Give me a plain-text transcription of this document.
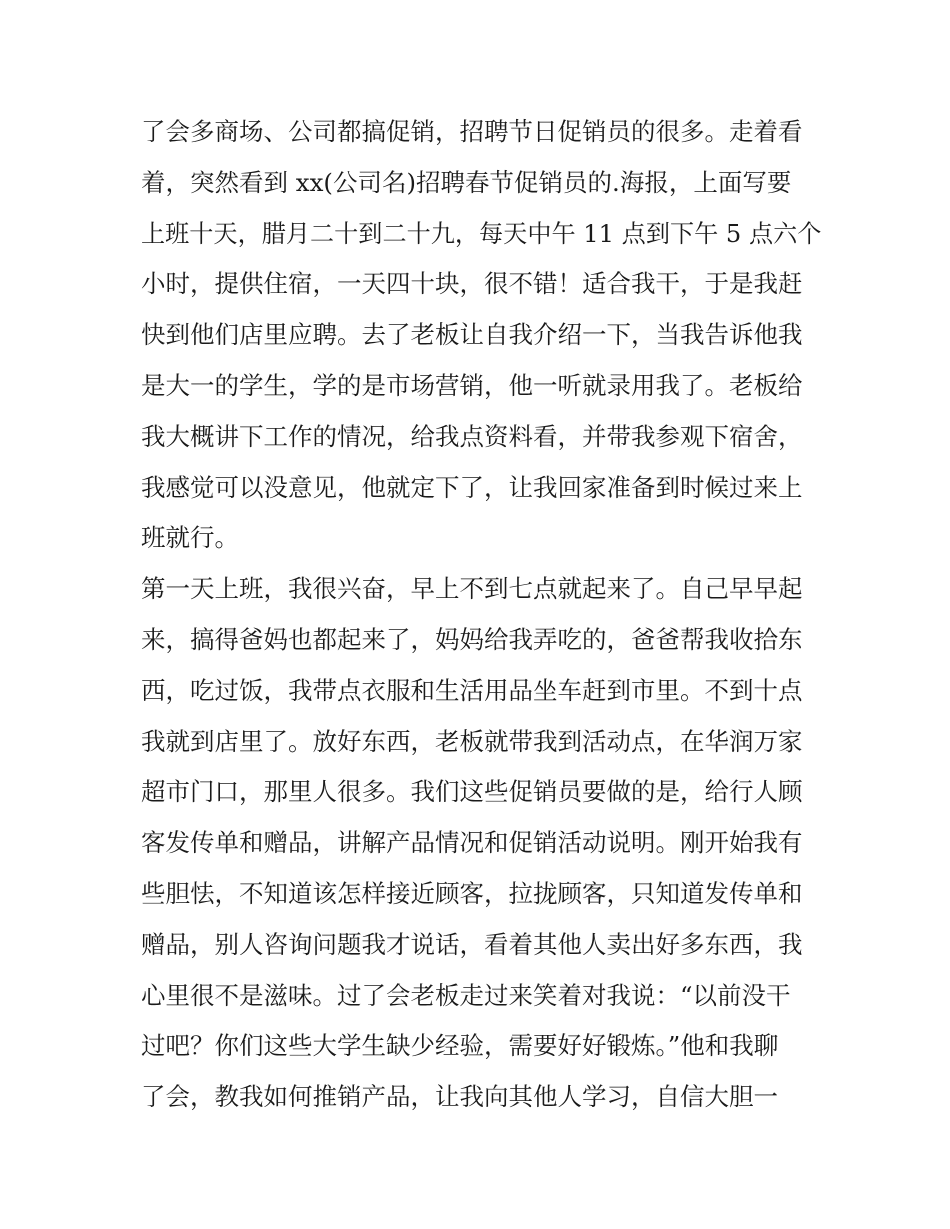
了会多商场、公司都搞促销，招聘节日促销员的很多。走着看
着，突然看到 xx(公司名)招聘春节促销员的.海报，上面写要
上班十天，腊月二十到二十九，每天中午 11 点到下午 5 点六个
小时，提供住宿，一天四十块，很不错！适合我干，于是我赶
快到他们店里应聘。去了老板让自我介绍一下，当我告诉他我
是大一的学生，学的是市场营销，他一听就录用我了。老板给
我大概讲下工作的情况，给我点资料看，并带我参观下宿舍，
我感觉可以没意见，他就定下了，让我回家准备到时候过来上
班就行。
第一天上班，我很兴奋，早上不到七点就起来了。自己早早起
来，搞得爸妈也都起来了，妈妈给我弄吃的，爸爸帮我收拾东
西，吃过饭，我带点衣服和生活用品坐车赶到市里。不到十点
我就到店里了。放好东西，老板就带我到活动点，在华润万家
超市门口，那里人很多。我们这些促销员要做的是，给行人顾
客发传单和赠品，讲解产品情况和促销活动说明。刚开始我有
些胆怯，不知道该怎样接近顾客，拉拢顾客，只知道发传单和
赠品，别人咨询问题我才说话，看着其他人卖出好多东西，我
心里很不是滋味。过了会老板走过来笑着对我说：“以前没干
过吧？你们这些大学生缺少经验，需要好好锻炼。”他和我聊
了会，教我如何推销产品，让我向其他人学习，自信大胆一
